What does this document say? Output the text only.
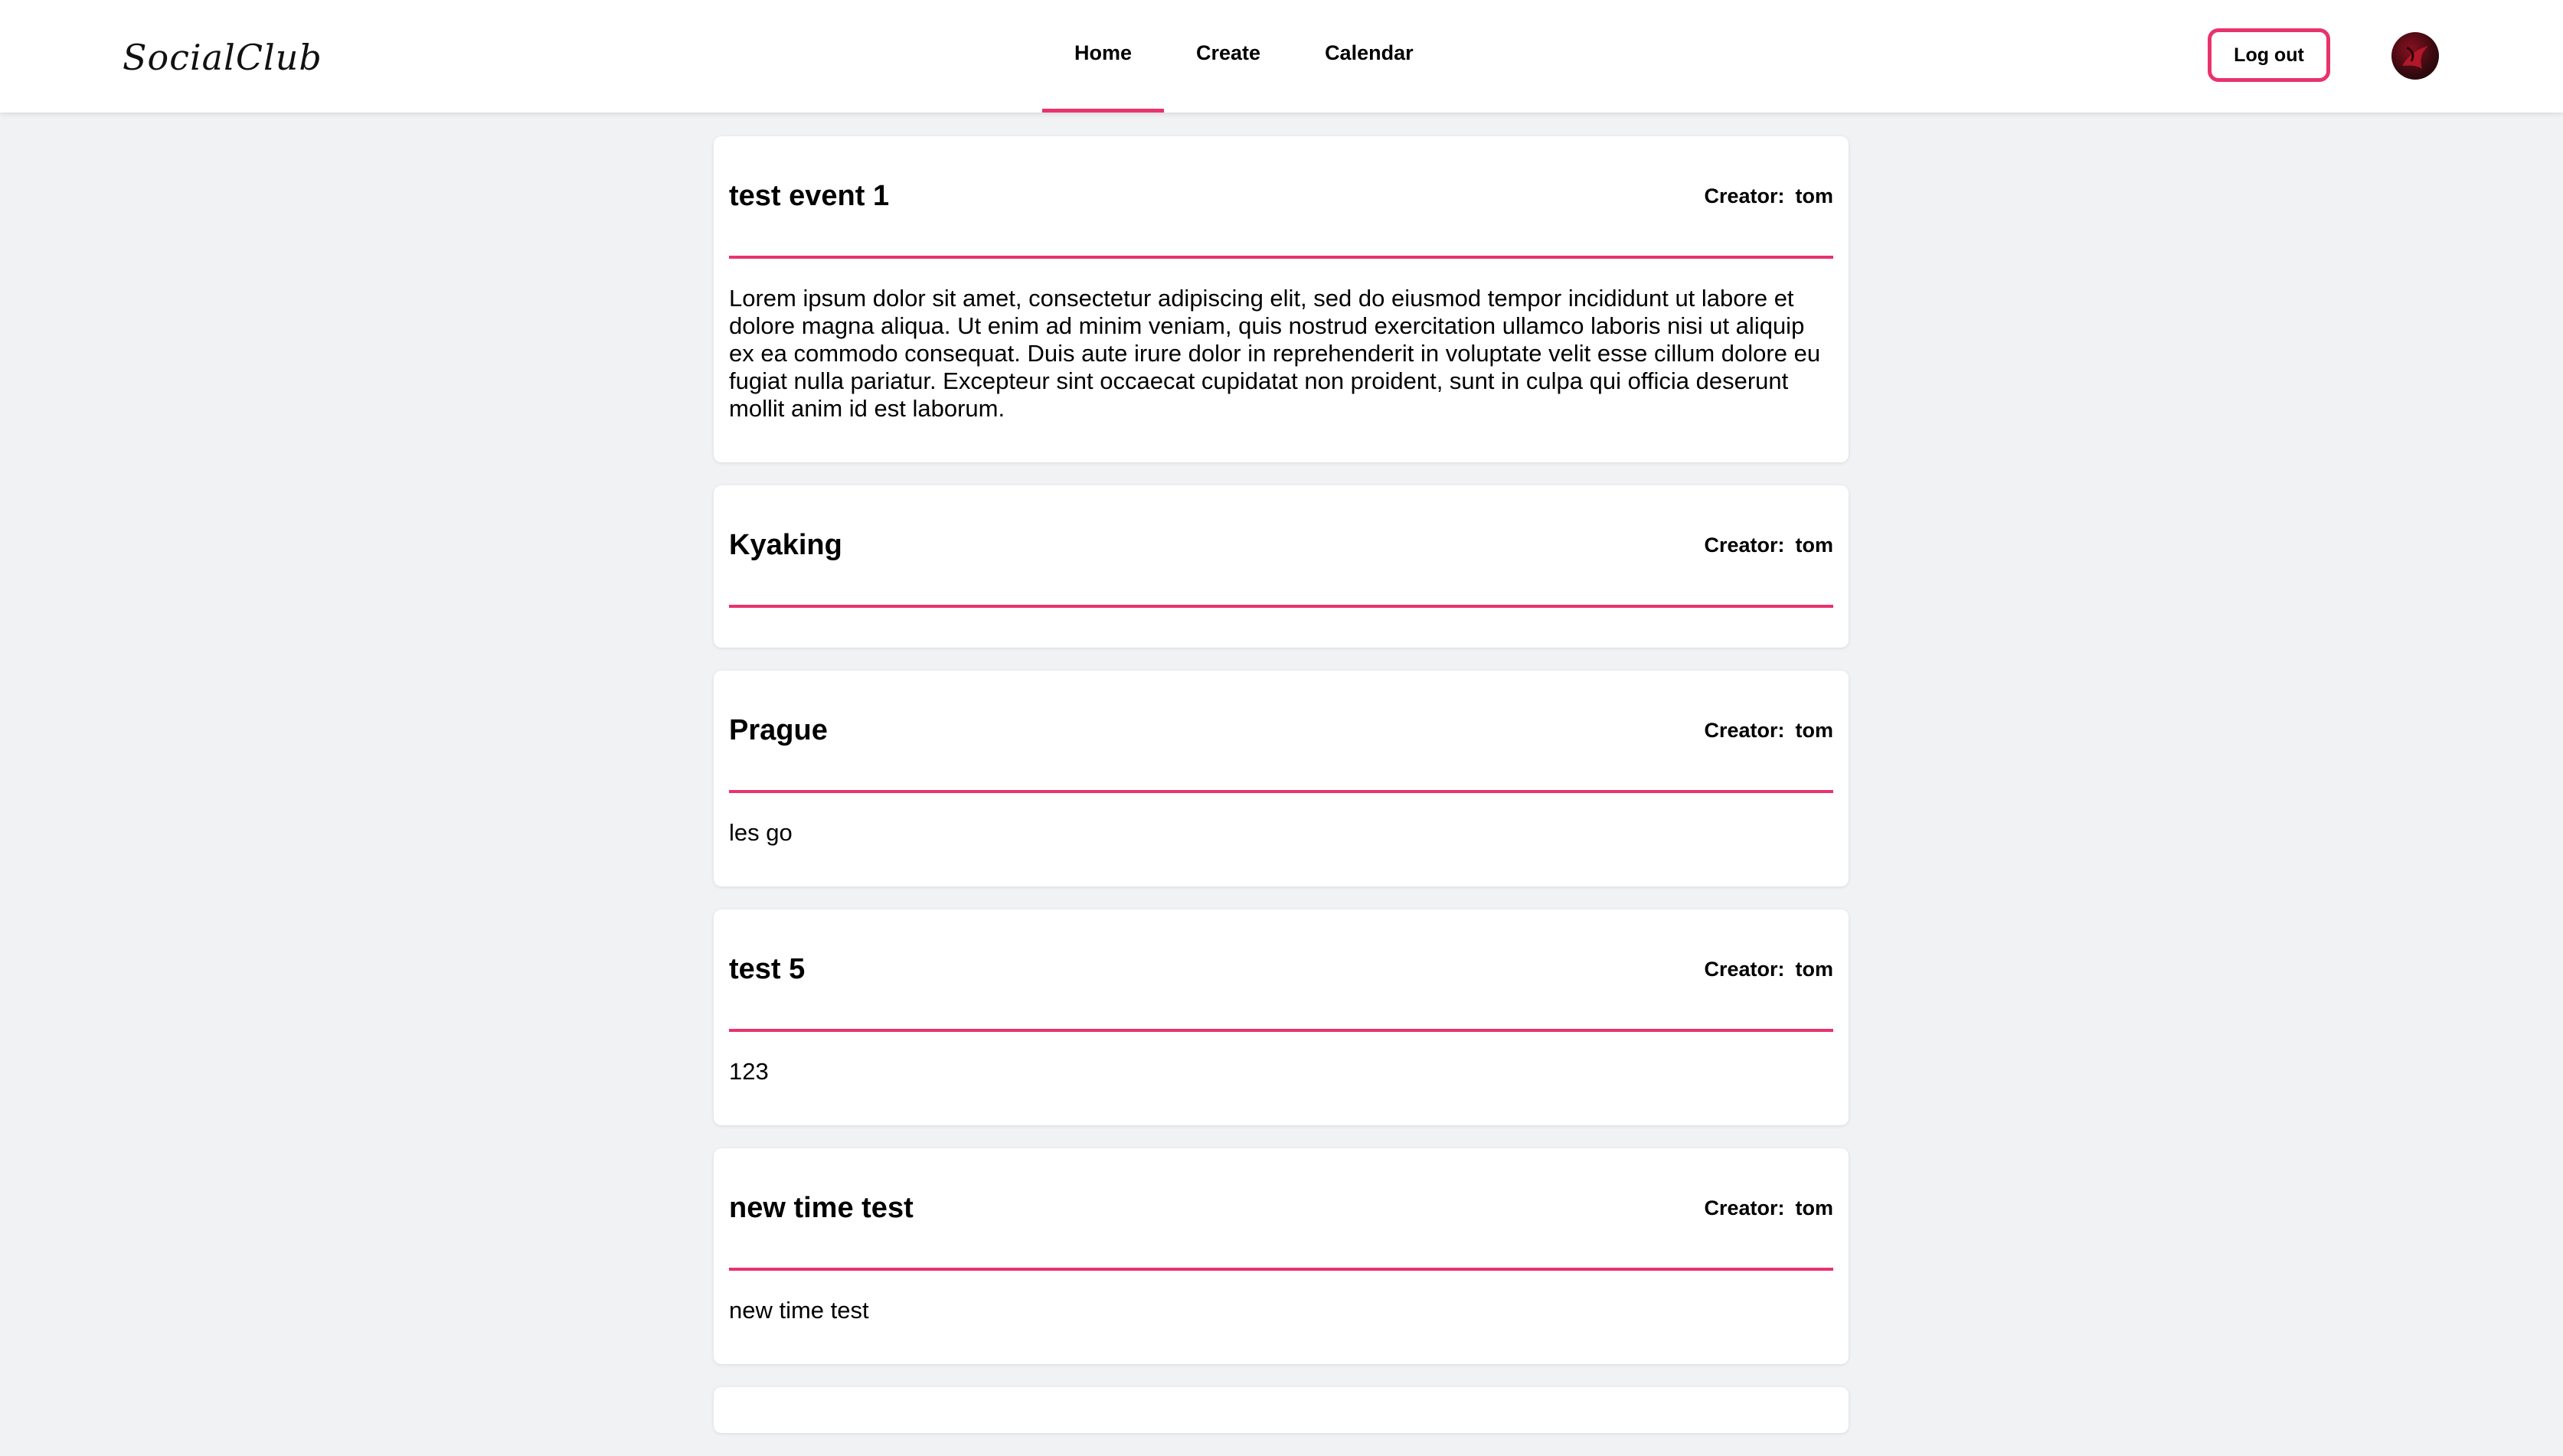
SocialClub	Home	Create	Calendar	Log out
test event 1	Creator: tom
Lorem ipsum dolor sit amet, consectetur adipiscing elit, sed do eiusmod tempor incididunt ut labore et dolore magna aliqua. Ut enim ad minim veniam, quis nostrud exercitation ullamco laboris nisi ut aliquip ex ea commodo consequat. Duis aute irure dolor in reprehenderit in voluptate velit esse cillum dolore eu fugiat nulla pariatur. Excepteur sint occaecat cupidatat non proident, sunt in culpa qui officia deserunt mollit anim id est laborum.
Kyaking	Creator: tom
Prague	Creator: tom
les go
test 5	Creator: tom
123
new time test	Creator: tom
new time test
